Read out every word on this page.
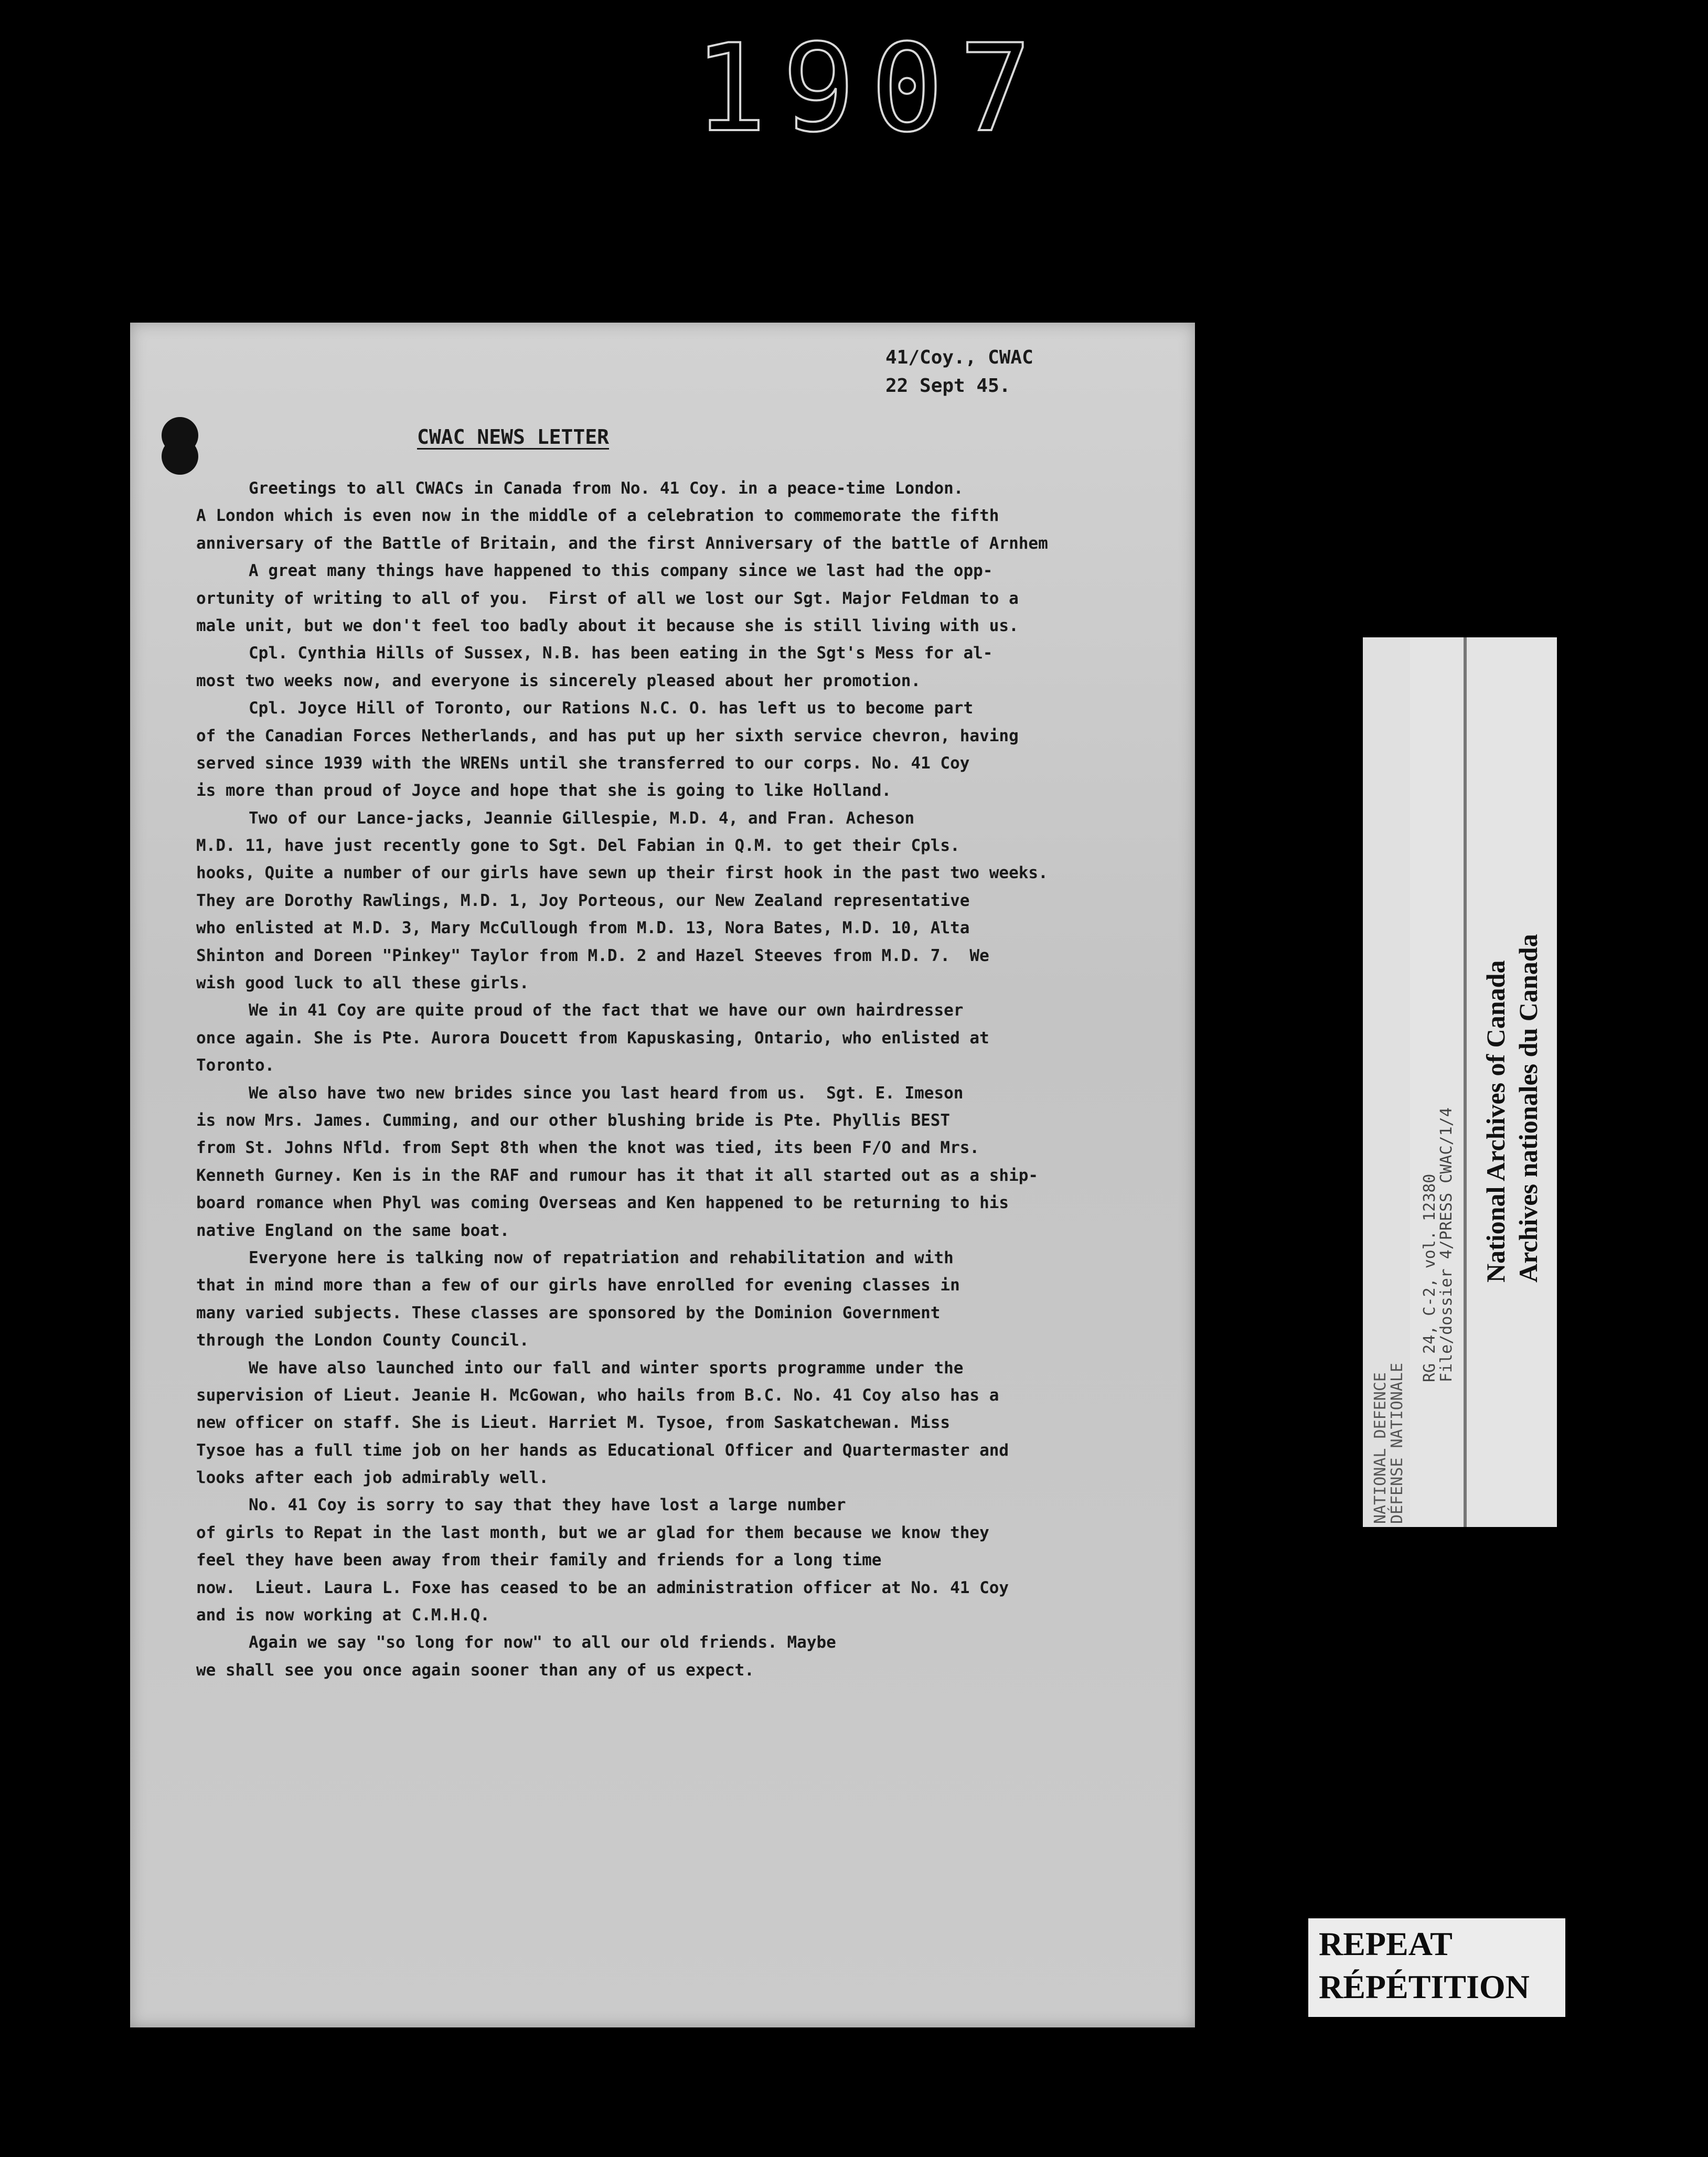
1907
41/Coy., CWAC
22 Sept 45.
CWAC NEWS LETTER
Greetings to all CWACs in Canada from No. 41 Coy. in a peace-time London.
A London which is even now in the middle of a celebration to commemorate the fifth
anniversary of the Battle of Britain, and the first Anniversary of the battle of Arnhem
A great many things have happened to this company since we last had the opp-
ortunity of writing to all of you.  First of all we lost our Sgt. Major Feldman to a
male unit, but we don't feel too badly about it because she is still living with us.
Cpl. Cynthia Hills of Sussex, N.B. has been eating in the Sgt's Mess for al-
most two weeks now, and everyone is sincerely pleased about her promotion.
Cpl. Joyce Hill of Toronto, our Rations N.C. O. has left us to become part
of the Canadian Forces Netherlands, and has put up her sixth service chevron, having
served since 1939 with the WRENs until she transferred to our corps. No. 41 Coy
is more than proud of Joyce and hope that she is going to like Holland.
Two of our Lance-jacks, Jeannie Gillespie, M.D. 4, and Fran. Acheson
M.D. 11, have just recently gone to Sgt. Del Fabian in Q.M. to get their Cpls.
hooks, Quite a number of our girls have sewn up their first hook in the past two weeks.
They are Dorothy Rawlings, M.D. 1, Joy Porteous, our New Zealand representative
who enlisted at M.D. 3, Mary McCullough from M.D. 13, Nora Bates, M.D. 10, Alta
Shinton and Doreen "Pinkey" Taylor from M.D. 2 and Hazel Steeves from M.D. 7.  We
wish good luck to all these girls.
We in 41 Coy are quite proud of the fact that we have our own hairdresser
once again. She is Pte. Aurora Doucett from Kapuskasing, Ontario, who enlisted at
Toronto.
We also have two new brides since you last heard from us.  Sgt. E. Imeson
is now Mrs. James. Cumming, and our other blushing bride is Pte. Phyllis BEST
from St. Johns Nfld. from Sept 8th when the knot was tied, its been F/O and Mrs.
Kenneth Gurney. Ken is in the RAF and rumour has it that it all started out as a ship-
board romance when Phyl was coming Overseas and Ken happened to be returning to his
native England on the same boat.
Everyone here is talking now of repatriation and rehabilitation and with
that in mind more than a few of our girls have enrolled for evening classes in
many varied subjects. These classes are sponsored by the Dominion Government
through the London County Council.
We have also launched into our fall and winter sports programme under the
supervision of Lieut. Jeanie H. McGowan, who hails from B.C. No. 41 Coy also has a
new officer on staff. She is Lieut. Harriet M. Tysoe, from Saskatchewan. Miss
Tysoe has a full time job on her hands as Educational Officer and Quartermaster and
looks after each job admirably well.
No. 41 Coy is sorry to say that they have lost a large number
of girls to Repat in the last month, but we ar glad for them because we know they
feel they have been away from their family and friends for a long time
now.  Lieut. Laura L. Foxe has ceased to be an administration officer at No. 41 Coy
and is now working at C.M.H.Q.
Again we say "so long for now" to all our old friends. Maybe
we shall see you once again sooner than any of us expect.
NATIONAL DEFENCE
DÉFENSE NATIONALE
RG 24, C-2, vol. 12380
File/dossier 4/PRESS CWAC/1/4 National Archives of Canada Archives nationales du Canada
REPEAT
RÉPÉTITION
